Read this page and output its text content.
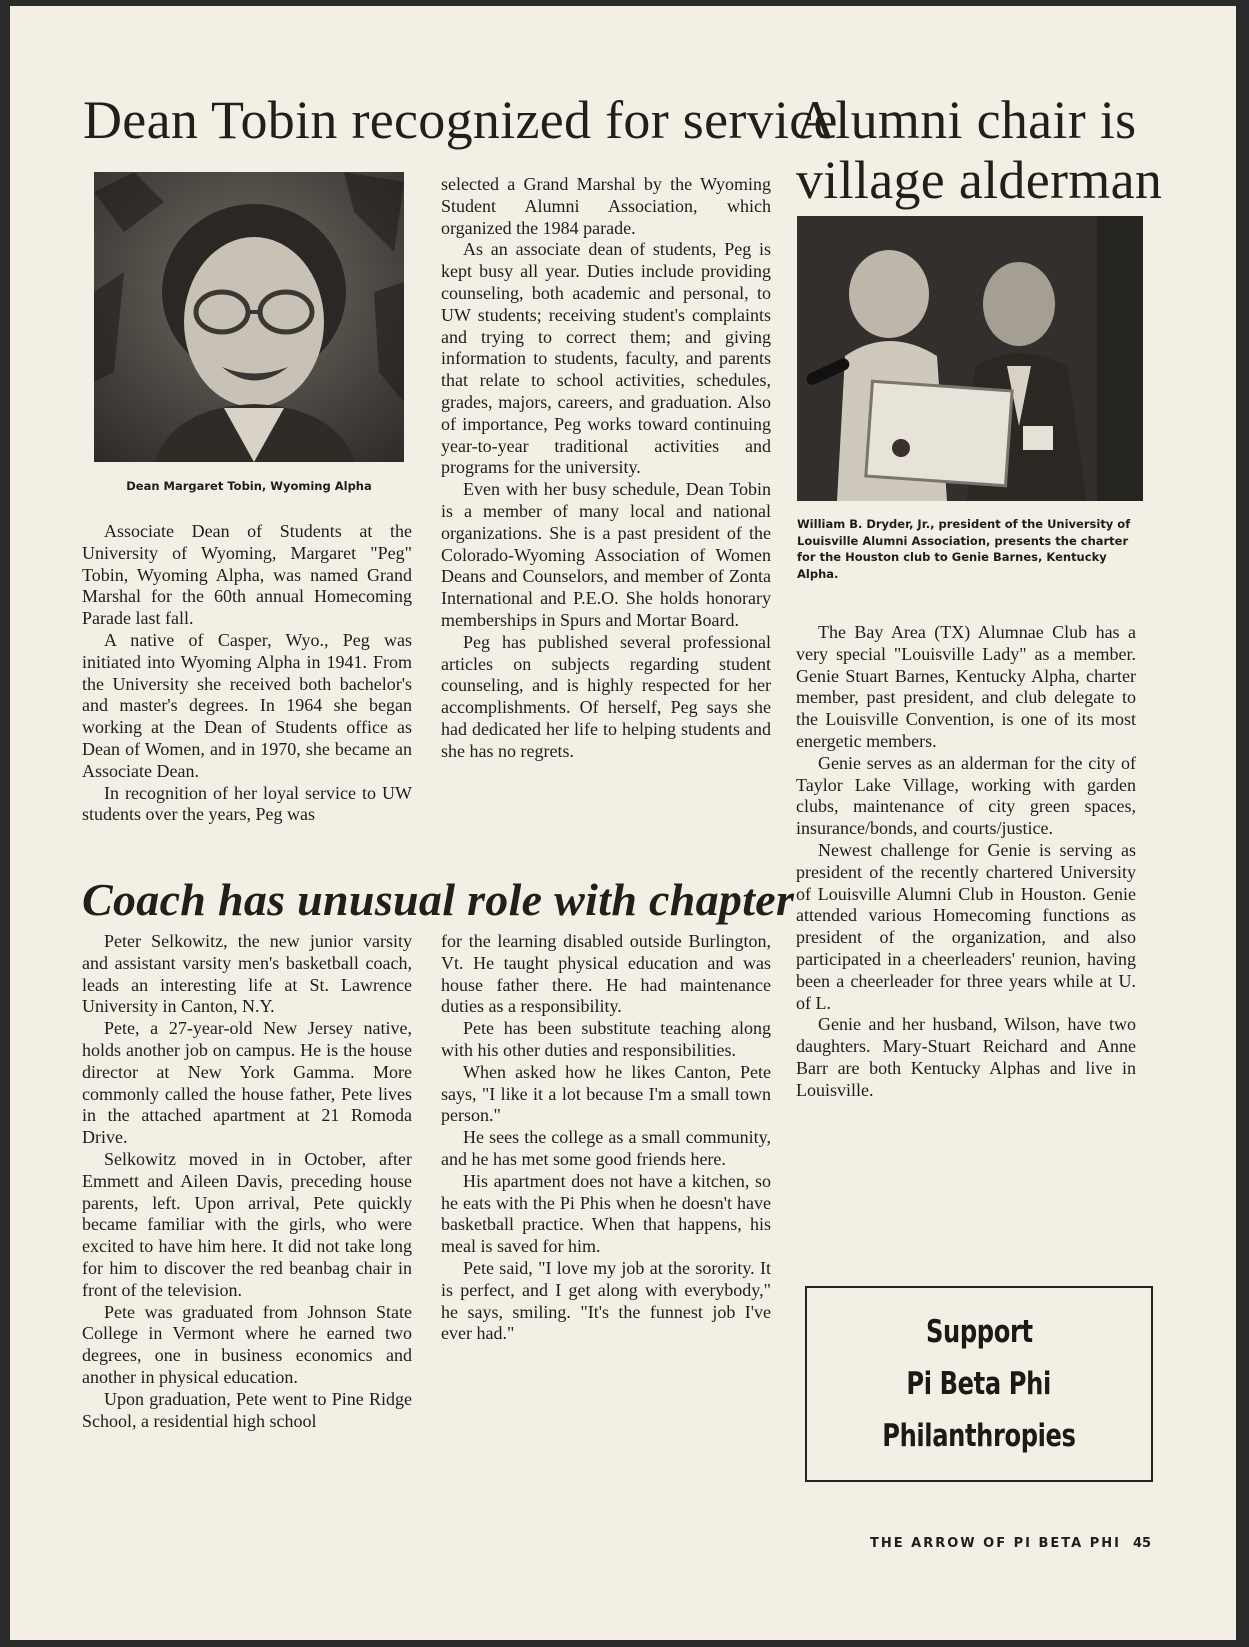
Dean Tobin recognized for service
Dean Margaret Tobin, Wyoming Alpha

Associate Dean of Students at the University of Wyoming, Margaret "Peg" Tobin, Wyoming Alpha, was named Grand Marshal for the 60th annual Homecoming Parade last fall.

A native of Casper, Wyo., Peg was initiated into Wyoming Alpha in 1941. From the University she received both bachelor's and master's degrees. In 1964 she began working at the Dean of Students office as Dean of Women, and in 1970, she became an Associate Dean.

In recognition of her loyal service to UW students over the years, Peg was

selected a Grand Marshal by the Wyoming Student Alumni Association, which organized the 1984 parade.

As an associate dean of students, Peg is kept busy all year. Duties include providing counseling, both academic and personal, to UW students; receiving student's complaints and trying to correct them; and giving information to students, faculty, and parents that relate to school activities, schedules, grades, majors, careers, and graduation. Also of importance, Peg works toward continuing year-to-year traditional activities and programs for the university.

Even with her busy schedule, Dean Tobin is a member of many local and national organizations. She is a past president of the Colorado-Wyoming Association of Women Deans and Counselors, and member of Zonta International and P.E.O. She holds honorary memberships in Spurs and Mortar Board.

Peg has published several professional articles on subjects regarding student counseling, and is highly respected for her accomplishments. Of herself, Peg says she had dedicated her life to helping students and she has no regrets.

Alumni chair is village alderman
William B. Dryder, Jr., president of the University of Louisville Alumni Association, presents the charter for the Houston club to Genie Barnes, Kentucky Alpha.

The Bay Area (TX) Alumnae Club has a very special "Louisville Lady" as a member. Genie Stuart Barnes, Kentucky Alpha, charter member, past president, and club delegate to the Louisville Convention, is one of its most energetic members.

Genie serves as an alderman for the city of Taylor Lake Village, working with garden clubs, maintenance of city green spaces, insurance/bonds, and courts/justice.

Newest challenge for Genie is serving as president of the recently chartered University of Louisville Alumni Club in Houston. Genie attended various Homecoming functions as president of the organization, and also participated in a cheerleaders' reunion, having been a cheerleader for three years while at U. of L.

Genie and her husband, Wilson, have two daughters. Mary-Stuart Reichard and Anne Barr are both Kentucky Alphas and live in Louisville.

Coach has unusual role with chapter

Peter Selkowitz, the new junior varsity and assistant varsity men's basketball coach, leads an interesting life at St. Lawrence University in Canton, N.Y.

Pete, a 27-year-old New Jersey native, holds another job on campus. He is the house director at New York Gamma. More commonly called the house father, Pete lives in the attached apartment at 21 Romoda Drive.

Selkowitz moved in in October, after Emmett and Aileen Davis, preceding house parents, left. Upon arrival, Pete quickly became familiar with the girls, who were excited to have him here. It did not take long for him to discover the red beanbag chair in front of the television.

Pete was graduated from Johnson State College in Vermont where he earned two degrees, one in business economics and another in physical education.

Upon graduation, Pete went to Pine Ridge School, a residential high school

for the learning disabled outside Burlington, Vt. He taught physical education and was house father there. He had maintenance duties as a responsibility.

Pete has been substitute teaching along with his other duties and responsibilities.

When asked how he likes Canton, Pete says, "I like it a lot because I'm a small town person."

He sees the college as a small community, and he has met some good friends here.

His apartment does not have a kitchen, so he eats with the Pi Phis when he doesn't have basketball practice. When that happens, his meal is saved for him.

Pete said, "I love my job at the sorority. It is perfect, and I get along with everybody," he says, smiling. "It's the funnest job I've ever had."	Support
Pi Beta Phi
Philanthropies
THE ARROW OF PI BETA PHI 45
